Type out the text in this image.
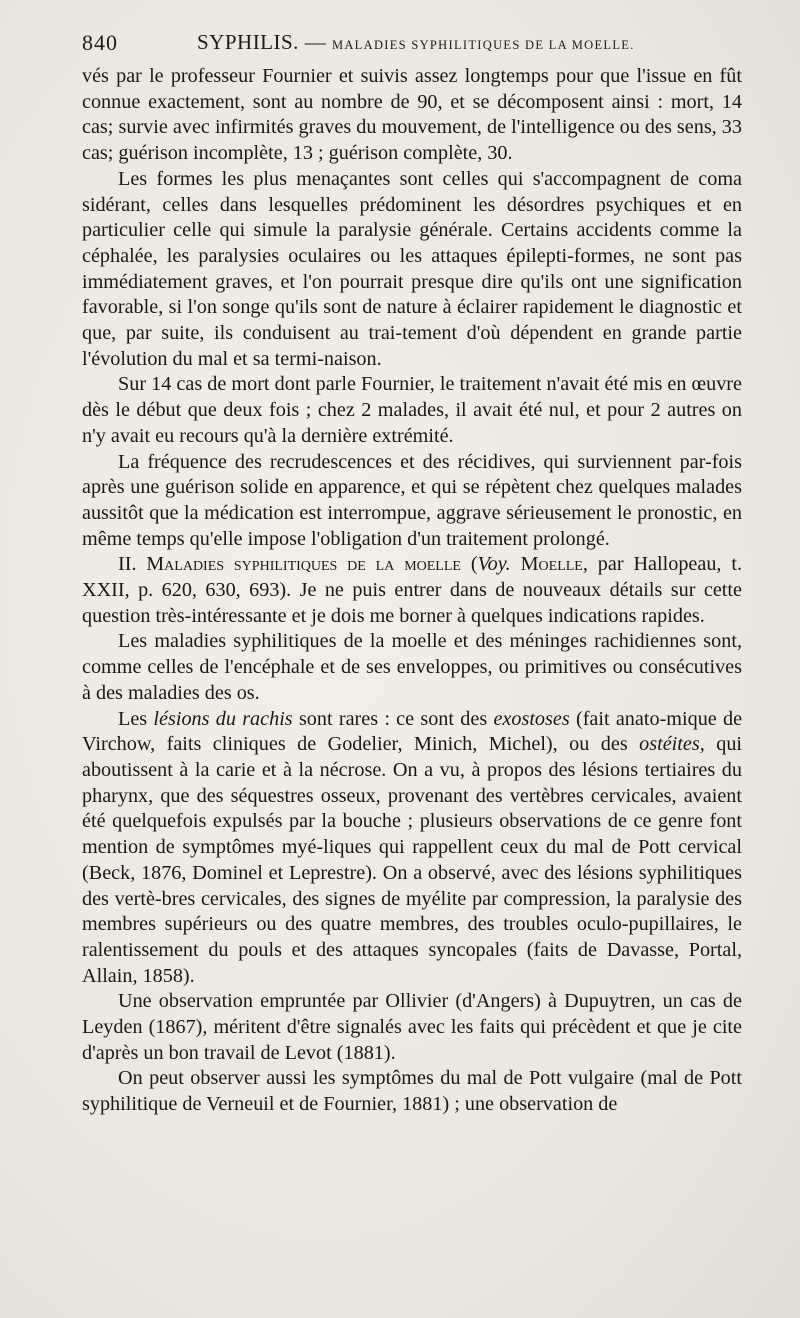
840	SYPHILIS. — MALADIES SYPHILITIQUES DE LA MOELLE.

vés par le professeur Fournier et suivis assez longtemps pour que l'issue en fût connue exactement, sont au nombre de 90, et se décomposent ainsi : mort, 14 cas; survie avec infirmités graves du mouvement, de l'intelligence ou des sens, 33 cas; guérison incomplète, 13 ; guérison complète, 30.

Les formes les plus menaçantes sont celles qui s'accompagnent de coma sidérant, celles dans lesquelles prédominent les désordres psychiques et en particulier celle qui simule la paralysie générale. Certains accidents comme la céphalée, les paralysies oculaires ou les attaques épilepti-formes, ne sont pas immédiatement graves, et l'on pourrait presque dire qu'ils ont une signification favorable, si l'on songe qu'ils sont de nature à éclairer rapidement le diagnostic et que, par suite, ils conduisent au trai-tement d'où dépendent en grande partie l'évolution du mal et sa termi-naison.

Sur 14 cas de mort dont parle Fournier, le traitement n'avait été mis en œuvre dès le début que deux fois ; chez 2 malades, il avait été nul, et pour 2 autres on n'y avait eu recours qu'à la dernière extrémité.

La fréquence des recrudescences et des récidives, qui surviennent par-fois après une guérison solide en apparence, et qui se répètent chez quelques malades aussitôt que la médication est interrompue, aggrave sérieusement le pronostic, en même temps qu'elle impose l'obligation d'un traitement prolongé.

II. Maladies syphilitiques de la moelle (Voy. Moelle, par Hallopeau, t. XXII, p. 620, 630, 693). Je ne puis entrer dans de nouveaux détails sur cette question très-intéressante et je dois me borner à quelques indications rapides.

Les maladies syphilitiques de la moelle et des méninges rachidiennes sont, comme celles de l'encéphale et de ses enveloppes, ou primitives ou consécutives à des maladies des os.

Les lésions du rachis sont rares : ce sont des exostoses (fait anato-mique de Virchow, faits cliniques de Godelier, Minich, Michel), ou des ostéites, qui aboutissent à la carie et à la nécrose. On a vu, à propos des lésions tertiaires du pharynx, que des séquestres osseux, provenant des vertèbres cervicales, avaient été quelquefois expulsés par la bouche ; plusieurs observations de ce genre font mention de symptômes myé-liques qui rappellent ceux du mal de Pott cervical (Beck, 1876, Dominel et Leprestre). On a observé, avec des lésions syphilitiques des vertè-bres cervicales, des signes de myélite par compression, la paralysie des membres supérieurs ou des quatre membres, des troubles oculo-pupillaires, le ralentissement du pouls et des attaques syncopales (faits de Davasse, Portal, Allain, 1858).

Une observation empruntée par Ollivier (d'Angers) à Dupuytren, un cas de Leyden (1867), méritent d'être signalés avec les faits qui précèdent et que je cite d'après un bon travail de Levot (1881).

On peut observer aussi les symptômes du mal de Pott vulgaire (mal de Pott syphilitique de Verneuil et de Fournier, 1881) ; une observation de
